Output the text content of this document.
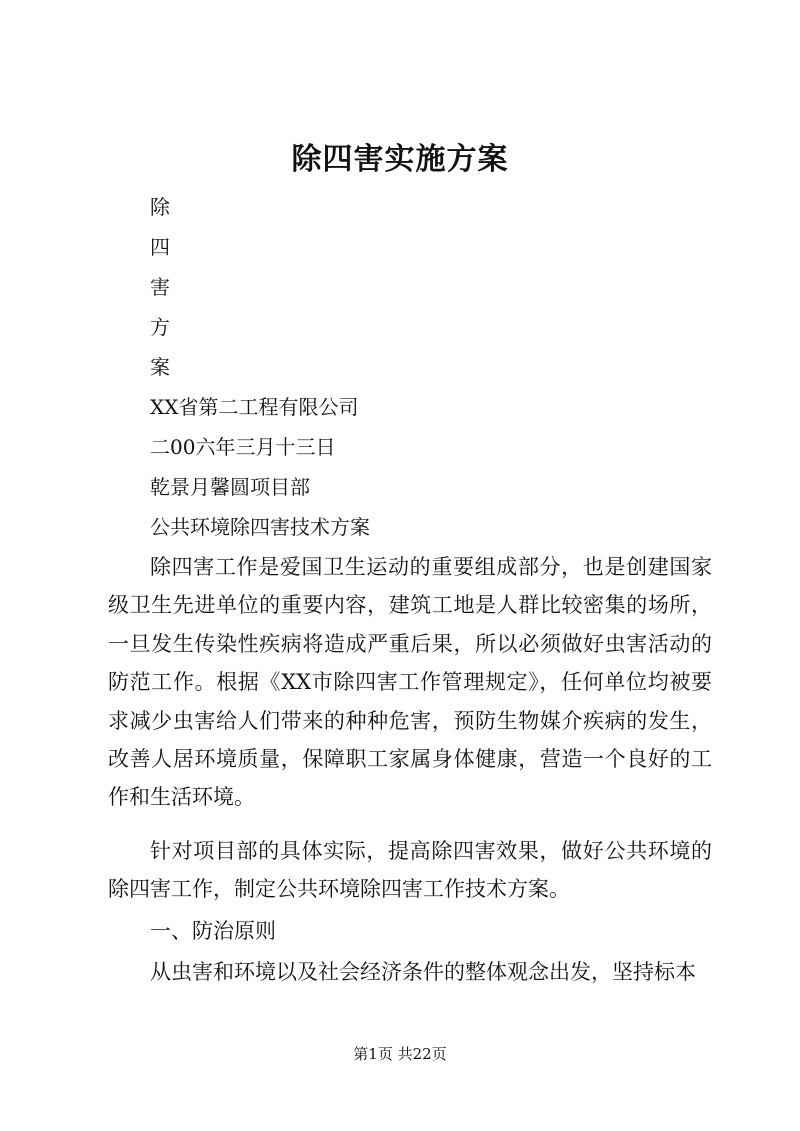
除四害实施方案
除
四
害
方
案
XX省第二工程有限公司
二00六年三月十三日
乾景月馨圆项目部
公共环境除四害技术方案

除四害工作是爱国卫生运动的重要组成部分，也是创建国家级卫生先进单位的重要内容，建筑工地是人群比较密集的场所，一旦发生传染性疾病将造成严重后果，所以必须做好虫害活动的防范工作。根据《XX市除四害工作管理规定》，任何单位均被要求减少虫害给人们带来的种种危害，预防生物媒介疾病的发生，改善人居环境质量，保障职工家属身体健康，营造一个良好的工作和生活环境。

针对项目部的具体实际，提高除四害效果，做好公共环境的除四害工作，制定公共环境除四害工作技术方案。

一、防治原则
从虫害和环境以及社会经济条件的整体观念出发，坚持标本
第1页 共22页
